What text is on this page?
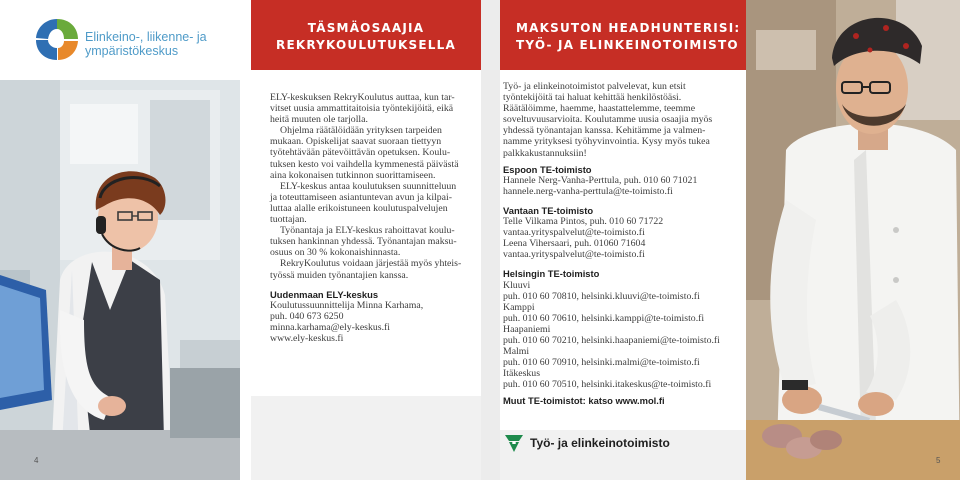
Elinkeino-, liikenne- ja
ympäristökeskus
TÄSMÄOSAAJIA
REKRYKOULUTUKSELLA

ELY-keskuksen RekryKoulutus auttaa, kun tar-

vitset uusia ammattitaitoisia työntekijöitä, eikä

heitä muuten ole tarjolla.

Ohjelma räätälöidään yrityksen tarpeiden

mukaan. Opiskelijat saavat suoraan tiettyyn

työtehtävään pätevöittävän opetuksen. Koulu-

tuksen kesto voi vaihdella kymmenestä päivästä

aina kokonaisen tutkinnon suorittamiseen.

ELY-keskus antaa koulutuksen suunnitteluun

ja toteuttamiseen asiantuntevan avun ja kilpai-

luttaa alalle erikoistuneen koulutuspalvelujen

tuottajan.

Työnantaja ja ELY-keskus rahoittavat koulu-

tuksen hankinnan yhdessä. Työnantajan maksu-

osuus on 30 % kokonaishinnasta.

RekryKoulutus voidaan järjestää myös yhteis-

työssä muiden työnantajien kanssa.

Uudenmaan ELY-keskus

Koulutussuunnittelija Minna Karhama,

puh. 040 673 6250

minna.karhama@ely-keskus.fi

www.ely-keskus.fi

4
MAKSUTON HEADHUNTERISI:
TYÖ- JA ELINKEINOTOIMISTO

Työ- ja elinkeinotoimistot palvelevat, kun etsit

työntekijöitä tai haluat kehittää henkilöstöäsi.

Räätälöimme, haemme, haastattelemme, teemme

soveltuvuusarvioita. Koulutamme uusia osaajia myös

yhdessä työnantajan kanssa. Kehitämme ja valmen-

namme yrityksesi työhyvinvointia. Kysy myös tukea

palkkakustannuksiin!

Espoon TE-toimisto

Hannele Nerg-Vanha-Perttula, puh. 010 60 71021

hannele.nerg-vanha-perttula@te-toimisto.fi

Vantaan TE-toimisto

Telle Vilkama Pintos, puh. 010 60 71722

vantaa.yrityspalvelut@te-toimisto.fi

Leena Vihersaari, puh. 01060 71604

vantaa.yrityspalvelut@te-toimisto.fi

Helsingin TE-toimisto

Kluuvi

puh. 010 60 70810, helsinki.kluuvi@te-toimisto.fi

Kamppi

puh. 010 60 70610, helsinki.kamppi@te-toimisto.fi

Haapaniemi

puh. 010 60 70210, helsinki.haapaniemi@te-toimisto.fi

Malmi

puh. 010 60 70910, helsinki.malmi@te-toimisto.fi

Itäkeskus

puh. 010 60 70510, helsinki.itakeskus@te-toimisto.fi

Muut TE-toimistot: katso www.mol.fi

Työ- ja elinkeinotoimisto
5
